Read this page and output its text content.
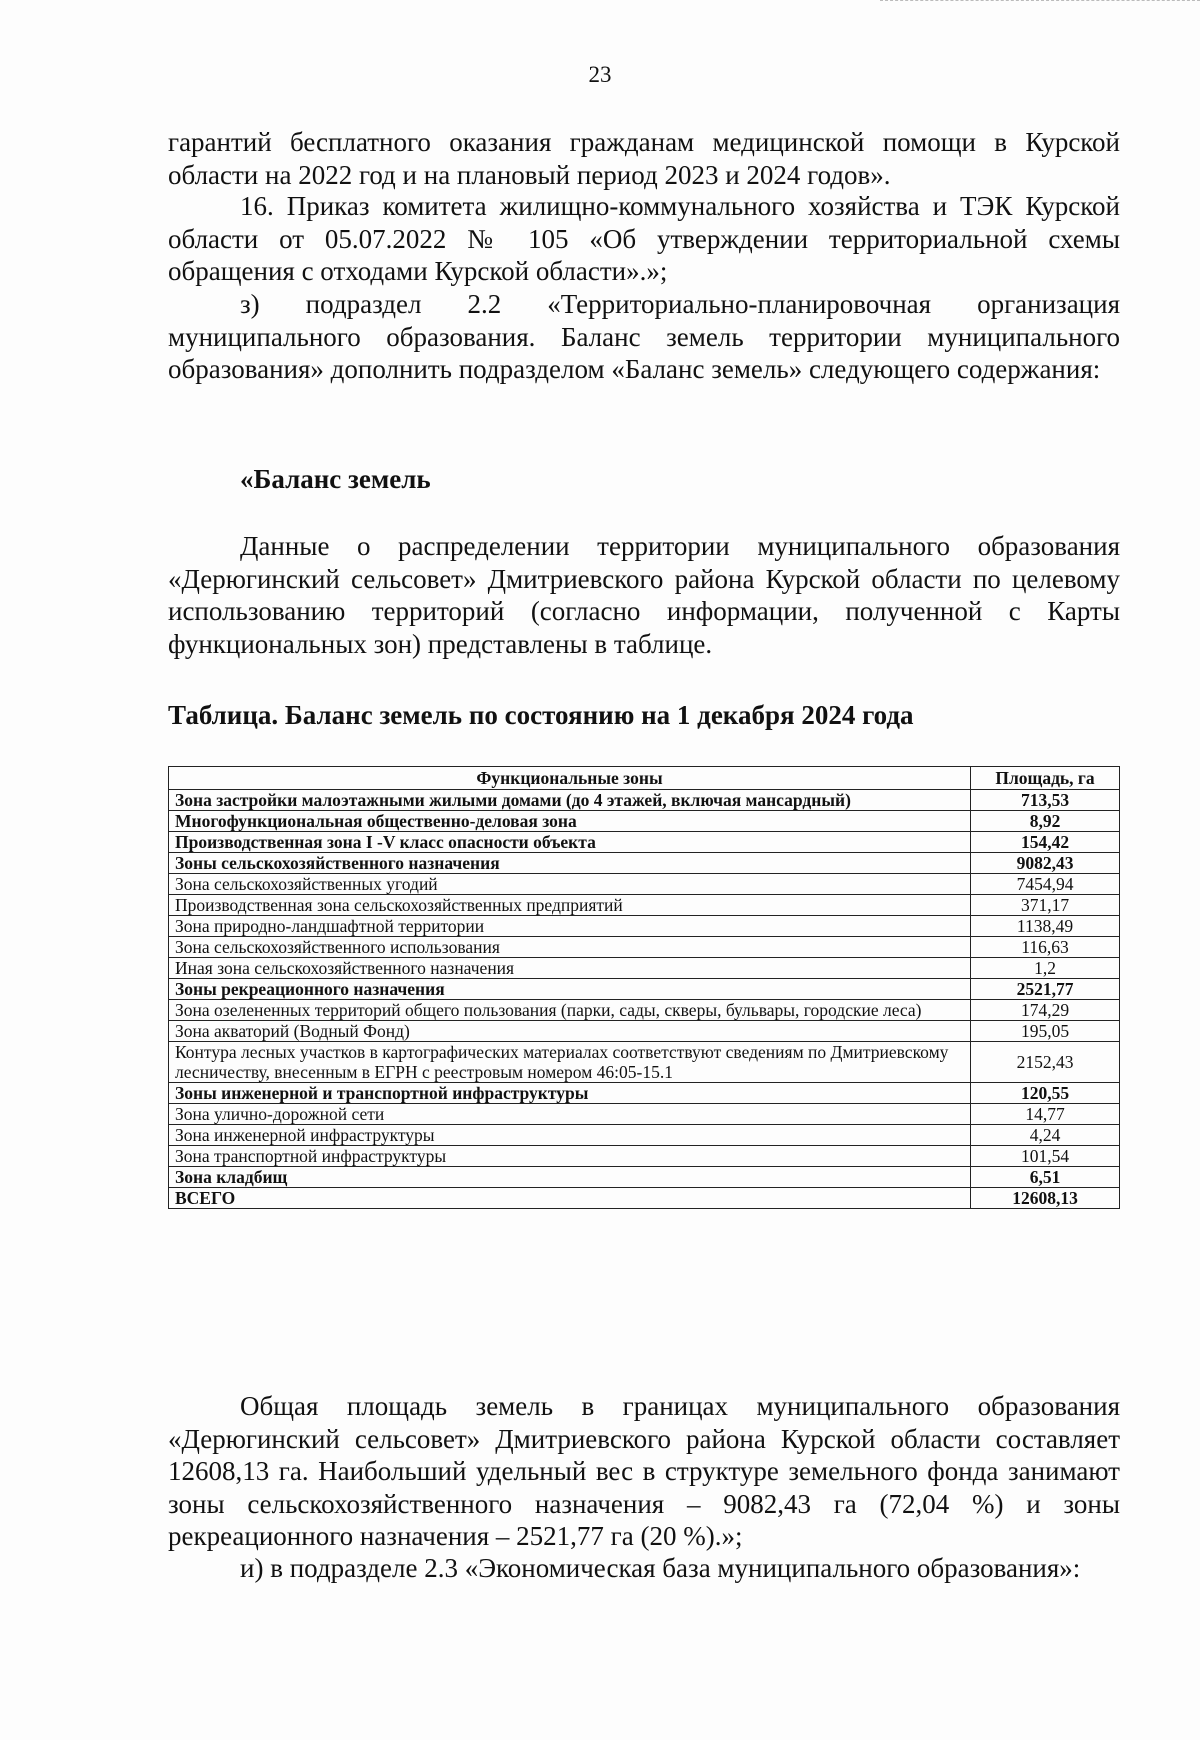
23

гарантий бесплатного оказания гражданам медицинской помощи в Курской области на 2022 год и на плановый период 2023 и 2024 годов».

16. Приказ комитета жилищно-коммунального хозяйства и ТЭК Курской области от 05.07.2022 № 105 «Об утверждении территориальной схемы обращения с отходами Курской области».»;

з) подраздел 2.2 «Территориально-планировочная организация муниципального образования. Баланс земель территории муниципального образования» дополнить подразделом «Баланс земель» следующего содержания:

«Баланс земель

Данные о распределении территории муниципального образования «Дерюгинский сельсовет» Дмитриевского района Курской области по целевому использованию территорий (согласно информации, полученной с Карты функциональных зон) представлены в таблице.

Таблица. Баланс земель по состоянию на 1 декабря 2024 года
Функциональные зоны	Площадь, га
Зона застройки малоэтажными жилыми домами (до 4 этажей, включая мансардный)	713,53
Многофункциональная общественно-деловая зона	8,92
Производственная зона I -V класс опасности объекта	154,42
Зоны сельскохозяйственного назначения	9082,43
Зона сельскохозяйственных угодий	7454,94
Производственная зона сельскохозяйственных предприятий	371,17
Зона природно-ландшафтной территории	1138,49
Зона сельскохозяйственного использования	116,63
Иная зона сельскохозяйственного назначения	1,2
Зоны рекреационного назначения	2521,77
Зона озелененных территорий общего пользования (парки, сады, скверы, бульвары, городские леса)	174,29
Зона акваторий (Водный Фонд)	195,05
Контура лесных участков в картографических материалах соответствуют сведениям по Дмитриевскому лесничеству, внесенным в ЕГРН с реестровым номером 46:05-15.1	2152,43
Зоны инженерной и транспортной инфраструктуры	120,55
Зона улично-дорожной сети	14,77
Зона инженерной инфраструктуры	4,24
Зона транспортной инфраструктуры	101,54
Зона кладбищ	6,51
ВСЕГО	12608,13

Общая площадь земель в границах муниципального образования «Дерюгинский сельсовет» Дмитриевского района Курской области составляет 12608,13 га. Наибольший удельный вес в структуре земельного фонда занимают зоны сельскохозяйственного назначения – 9082,43 га (72,04 %) и зоны рекреационного назначения – 2521,77 га (20 %).»;

и) в подразделе 2.3 «Экономическая база муниципального образования»:
